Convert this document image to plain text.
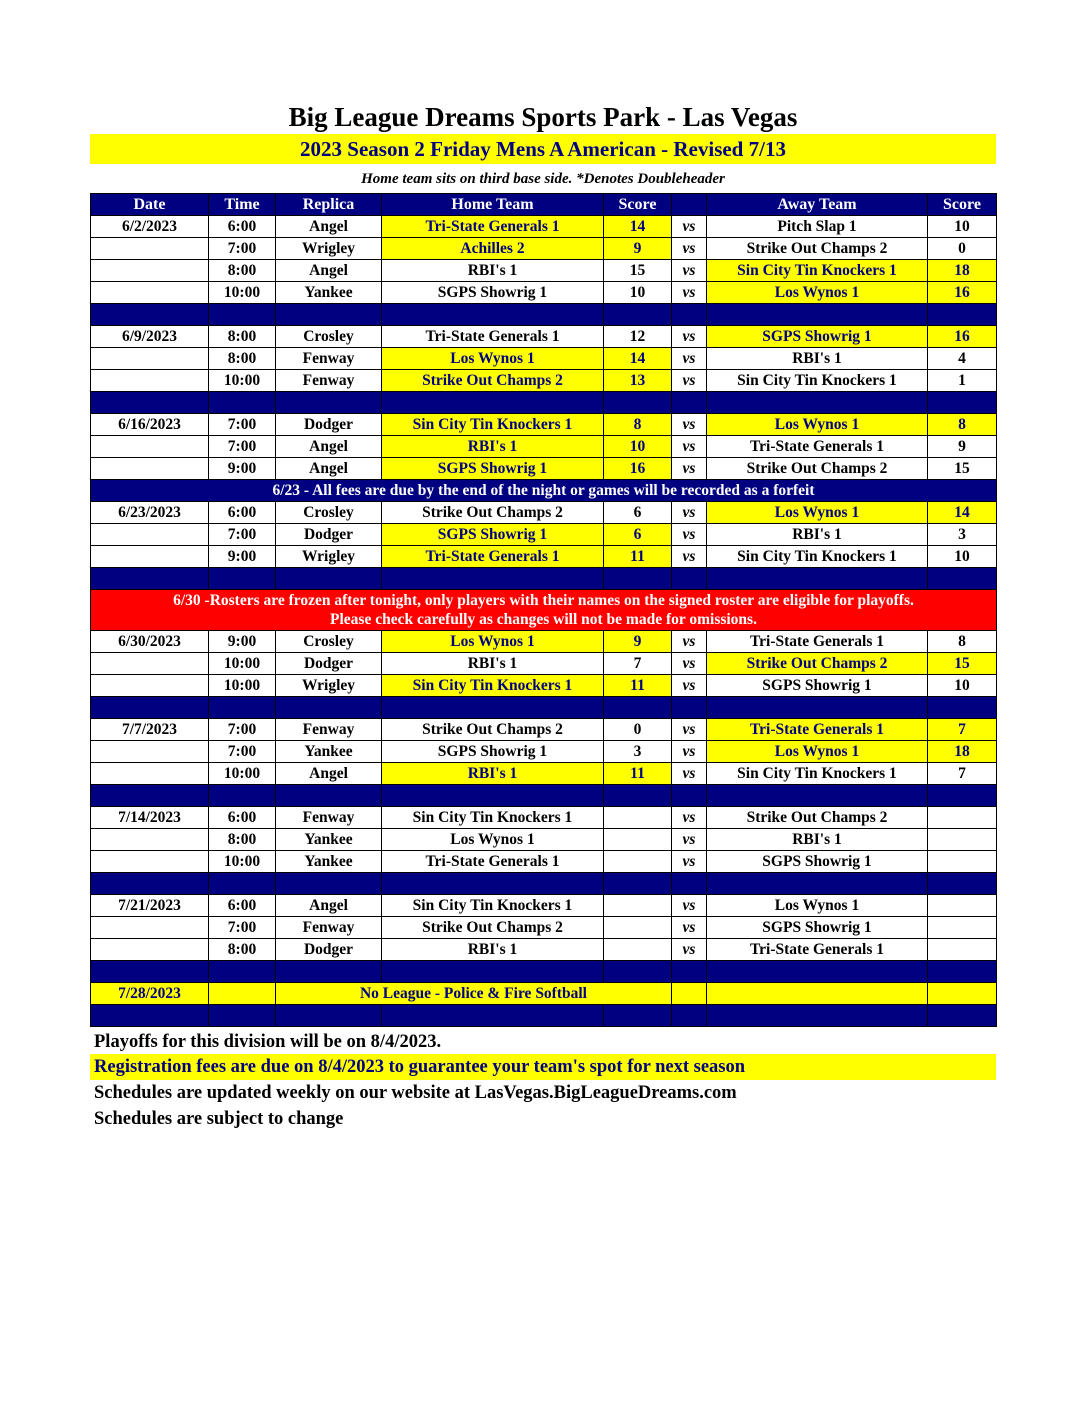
Big League Dreams Sports Park - Las Vegas
2023 Season 2 Friday Mens A American - Revised 7/13
Home team sits on third base side. *Denotes Doubleheader
Date	Time	Replica	Home Team	Score		Away Team	Score
6/2/2023	6:00	Angel	Tri-State Generals 1	14	vs	Pitch Slap 1	10
	7:00	Wrigley	Achilles 2	9	vs	Strike Out Champs 2	0
	8:00	Angel	RBI's 1	15	vs	Sin City Tin Knockers 1	18
	10:00	Yankee	SGPS Showrig 1	10	vs	Los Wynos 1	16

6/9/2023	8:00	Crosley	Tri-State Generals 1	12	vs	SGPS Showrig 1	16
	8:00	Fenway	Los Wynos 1	14	vs	RBI's 1	4
	10:00	Fenway	Strike Out Champs 2	13	vs	Sin City Tin Knockers 1	1

6/16/2023	7:00	Dodger	Sin City Tin Knockers 1	8	vs	Los Wynos 1	8
	7:00	Angel	RBI's 1	10	vs	Tri-State Generals 1	9
	9:00	Angel	SGPS Showrig 1	16	vs	Strike Out Champs 2	15

6/23 - All fees are due by the end of the night or games will be recorded as a forfeit							

6/23/2023	6:00	Crosley	Strike Out Champs 2	6	vs	Los Wynos 1	14
	7:00	Dodger	SGPS Showrig 1	6	vs	RBI's 1	3
	9:00	Wrigley	Tri-State Generals 1	11	vs	Sin City Tin Knockers 1	10

6/30 -Rosters are frozen after tonight, only players with their names on the signed roster are eligible for playoffs.
Please check carefully as changes will not be made for omissions.							

6/30/2023	9:00	Crosley	Los Wynos 1	9	vs	Tri-State Generals 1	8
	10:00	Dodger	RBI's 1	7	vs	Strike Out Champs 2	15
	10:00	Wrigley	Sin City Tin Knockers 1	11	vs	SGPS Showrig 1	10

7/7/2023	7:00	Fenway	Strike Out Champs 2	0	vs	Tri-State Generals 1	7
	7:00	Yankee	SGPS Showrig 1	3	vs	Los Wynos 1	18
	10:00	Angel	RBI's 1	11	vs	Sin City Tin Knockers 1	7

7/14/2023	6:00	Fenway	Sin City Tin Knockers 1		vs	Strike Out Champs 2	
	8:00	Yankee	Los Wynos 1		vs	RBI's 1	
	10:00	Yankee	Tri-State Generals 1		vs	SGPS Showrig 1	

7/21/2023	6:00	Angel	Sin City Tin Knockers 1		vs	Los Wynos 1	
	7:00	Fenway	Strike Out Champs 2		vs	SGPS Showrig 1	
	8:00	Dodger	RBI's 1		vs	Tri-State Generals 1	

7/28/2023		No League - Police & Fire Softball					

Playoffs for this division will be on 8/4/2023.
Registration fees are due on 8/4/2023 to guarantee your team's spot for next season
Schedules are updated weekly on our website at LasVegas.BigLeagueDreams.com
Schedules are subject to change
